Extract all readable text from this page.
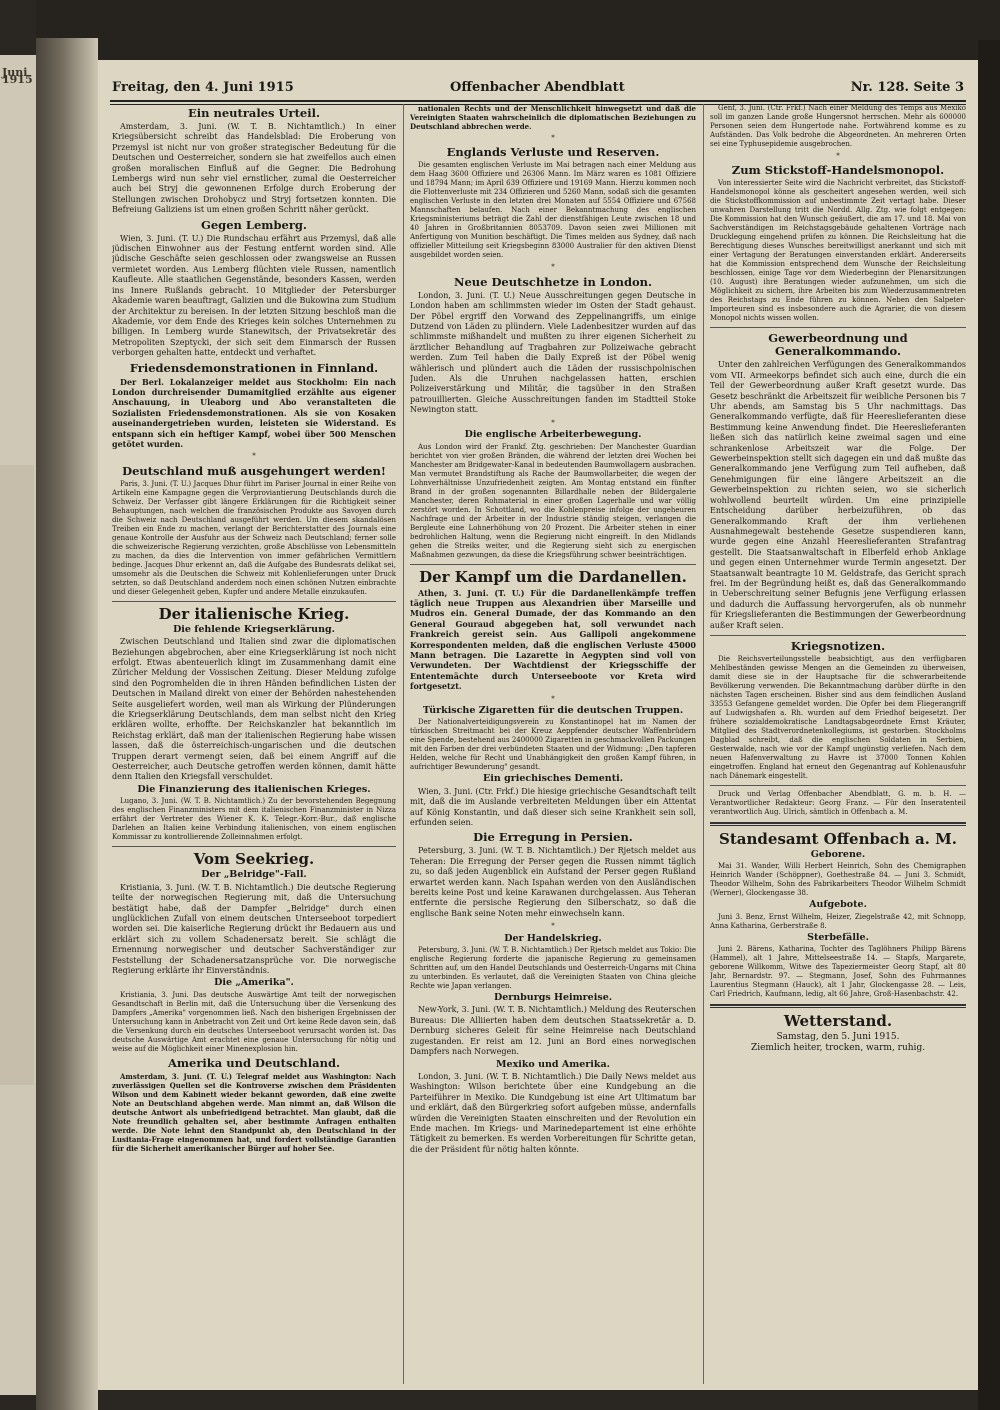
Juni 1915
Freitag, den 4. Juni 1915	Offenbacher Abendblatt	Nr. 128. Seite 3
Ein neutrales Urteil.
Amsterdam, 3. Juni. (W. T. B. Nichtamtlich.) In einer Kriegsübersicht schreibt das Handelsblad: Die Eroberung von Przemysl ist nicht nur von großer strategischer Bedeutung für die Deutschen und Oesterreicher, sondern sie hat zweifellos auch einen großen moralischen Einfluß auf die Gegner. Die Bedrohung Lembergs wird nun sehr viel ernstlicher, zumal die Oesterreicher auch bei Stryj die gewonnenen Erfolge durch Eroberung der Stellungen zwischen Drohobycz und Stryj fortsetzen konnten. Die Befreiung Galiziens ist um einen großen Schritt näher gerückt.
Gegen Lemberg.
Wien, 3. Juni. (T. U.) Die Rundschau erfährt aus Przemysl, daß alle jüdischen Einwohner aus der Festung entfernt worden sind. Alle jüdische Geschäfte seien geschlossen oder zwangsweise an Russen vermietet worden. Aus Lemberg flüchten viele Russen, namentlich Kaufleute. Alle staatlichen Gegenstände, besonders Kassen, werden ins Innere Rußlands gebracht. 10 Mitglieder der Petersburger Akademie waren beauftragt, Galizien und die Bukowina zum Studium der Architektur zu bereisen. In der letzten Sitzung beschloß man die Akademie, vor dem Ende des Krieges kein solches Unternehmen zu billigen. In Lemberg wurde Stanewitsch, der Privatsekretär des Metropoliten Szeptycki, der sich seit dem Einmarsch der Russen verborgen gehalten hatte, entdeckt und verhaftet.
Friedensdemonstrationen in Finnland.
Der Berl. Lokalanzeiger meldet aus Stockholm: Ein nach London durchreisender Dumamitglied erzählte aus eigener Anschauung, in Uleaborg und Abo veranstalteten die Sozialisten Friedensdemonstrationen. Als sie von Kosaken auseinandergetrieben wurden, leisteten sie Widerstand. Es entspann sich ein heftiger Kampf, wobei über 500 Menschen getötet wurden.
*
Deutschland muß ausgehungert werden!
Paris, 3. Juni. (T. U.) Jacques Dhur führt im Pariser Journal in einer Reihe von Artikeln eine Kampagne gegen die Verproviantierung Deutschlands durch die Schweiz. Der Verfasser gibt längere Erklärungen für die Richtigkeit seiner Behauptungen, nach welchen die französischen Produkte aus Savoyen durch die Schweiz nach Deutschland ausgeführt werden. Um diesem skandalösen Treiben ein Ende zu machen, verlangt der Berichterstatter des Journals eine genaue Kontrolle der Ausfuhr aus der Schweiz nach Deutschland; ferner solle die schweizerische Regierung verzichten, große Abschlüsse von Lebensmitteln zu machen, da dies die Intervention von immer gefährlichen Vermittlern bedinge. Jacques Dhur erkennt an, daß die Aufgabe des Bundesrats delikat sei, umsomehr als die Deutschen die Schweiz mit Kohlenlieferungen unter Druck setzten, so daß Deutschland anderdem noch einen schönen Nutzen einbrachte und dieser Gelegenheit geben, Kupfer und andere Metalle einzukaufen.
Der italienische Krieg.
Die fehlende Kriegserklärung.
Zwischen Deutschland und Italien sind zwar die diplomatischen Beziehungen abgebrochen, aber eine Kriegserklärung ist noch nicht erfolgt. Etwas abenteuerlich klingt im Zusammenhang damit eine Züricher Meldung der Vossischen Zeitung. Dieser Meldung zufolge sind den Pogromhelden die in ihren Händen befindlichen Listen der Deutschen in Mailand direkt von einer der Behörden nahestehenden Seite ausgeliefert worden, weil man als Wirkung der Plünderungen die Kriegserklärung Deutschlands, dem man selbst nicht den Krieg erklären wollte, erhoffte. Der Reichskanzler hat bekanntlich im Reichstag erklärt, daß man der italienischen Regierung habe wissen lassen, daß die österreichisch-ungarischen und die deutschen Truppen derart vermengt seien, daß bei einem Angriff auf die Oesterreicher, auch Deutsche getroffen werden können, damit hätte denn Italien den Kriegsfall verschuldet.
Die Finanzierung des italienischen Krieges.
Lugano, 3. Juni. (W. T. B. Nichtamtlich.) Zu der bevorstehenden Begegnung des englischen Finanzministers mit dem italienischen Finanzminister in Nizza erfährt der Vertreter des Wiener K. K. Telegr.-Korr.-Bur., daß englische Darlehen an Italien keine Verbindung italienischen, von einem englischen Kommissar zu kontrollierende Zolleinnahmen erfolgt.
Vom Seekrieg.
Der „Belridge"-Fall.
Kristiania, 3. Juni. (W. T. B. Nichtamtlich.) Die deutsche Regierung teilte der norwegischen Regierung mit, daß die Untersuchung bestätigt habe, daß der Dampfer „Belridge" durch einen unglücklichen Zufall von einem deutschen Unterseeboot torpediert worden sei. Die kaiserliche Regierung drückt ihr Bedauern aus und erklärt sich zu vollem Schadenersatz bereit. Sie schlägt die Ernennung norwegischer und deutscher Sachverständiger zur Feststellung der Schadenersatzansprüche vor. Die norwegische Regierung erklärte ihr Einverständnis.
Die „Amerika".
Kristiania, 3. Juni. Das deutsche Auswärtige Amt teilt der norwegischen Gesandtschaft in Berlin mit, daß die Untersuchung über die Versenkung des Dampfers „Amerika" vorgenommen ließ. Nach den bisherigen Ergebnissen der Untersuchung kann in Anbetracht von Zeit und Ort keine Rede davon sein, daß die Versenkung durch ein deutsches Unterseeboot verursacht worden ist. Das deutsche Auswärtige Amt erachtet eine genaue Untersuchung für nötig und weise auf die Möglichkeit einer Minenexplosion hin.
Amerika und Deutschland.
Amsterdam, 3. Juni. (T. U.) Telegraf meldet aus Washington: Nach zuverlässigen Quellen sei die Kontroverse zwischen dem Präsidenten Wilson und dem Kabinett wieder bekannt geworden, daß eine zweite Note an Deutschland abgehen werde. Man nimmt an, daß Wilson die deutsche Antwort als unbefriedigend betrachtet. Man glaubt, daß die Note freundlich gehalten sei, aber bestimmte Anfragen enthalten werde. Die Note lehnt den Standpunkt ab, den Deutschland in der Lusitania-Frage eingenommen hat, und fordert vollständige Garantien für die Sicherheit amerikanischer Bürger auf hoher See.
nationalen Rechts und der Menschlichkeit hinwegsetzt und daß die Vereinigten Staaten wahrscheinlich die diplomatischen Beziehungen zu Deutschland abbrechen werde.
*
Englands Verluste und Reserven.
Die gesamten englischen Verluste im Mai betragen nach einer Meldung aus dem Haag 3600 Offiziere und 26306 Mann. Im März waren es 1081 Offiziere und 18794 Mann; im April 639 Offiziere und 19169 Mann. Hierzu kommen noch die Flottenverluste mit 234 Offizieren und 5260 Mann, sodaß sich die gesamten englischen Verluste in den letzten drei Monaten auf 5554 Offiziere und 67568 Mannschaften belaufen. Nach einer Bekanntmachung des englischen Kriegsministeriums beträgt die Zahl der dienstfähigen Leute zwischen 18 und 40 Jahren in Großbritannien 8053709. Davon seien zwei Millionen mit Anfertigung von Munition beschäftigt. Die Times melden aus Sydney, daß nach offizieller Mitteilung seit Kriegsbeginn 83000 Australier für den aktiven Dienst ausgebildet worden seien.
*
Neue Deutschhetze in London.
London, 3. Juni. (T. U.) Neue Ausschreitungen gegen Deutsche in London haben am schlimmsten wieder im Osten der Stadt gehaust. Der Pöbel ergriff den Vorwand des Zeppelinangriffs, um einige Dutzend von Läden zu plündern. Viele Ladenbesitzer wurden auf das schlimmste mißhandelt und mußten zu ihrer eigenen Sicherheit zu ärztlicher Behandlung auf Tragbahren zur Polizeiwache gebracht werden. Zum Teil haben die Daily Expreß ist der Pöbel wenig wählerisch und plündert auch die Läden der russischpolnischen Juden. Als die Unruhen nachgelassen hatten, erschien Polizeiverstärkung und Militär, die tagsüber in den Straßen patrouillierten. Gleiche Ausschreitungen fanden im Stadtteil Stoke Newington statt.
*
Die englische Arbeiterbewegung.
Aus London wird der Frankf. Ztg. geschrieben: Der Manchester Guardian berichtet von vier großen Bränden, die während der letzten drei Wochen bei Manchester am Bridgewater-Kanal in bedeutenden Baumwollagern ausbrachen. Man vermutet Brandstiftung als Rache der Baumwollarbeiter, die wegen der Lohnverhältnisse Unzufriedenheit zeigten. Am Montag entstand ein fünfter Brand in der großen sogenannten Billardhalle neben der Bildergalerie Manchester, deren Rohmaterial in einer großen Lagerhalle und war völlig zerstört worden. In Schottland, wo die Kohlenpreise infolge der ungeheuren Nachfrage und der Arbeiter in der Industrie ständig steigen, verlangen die Bergleute eine Lohnerhöhung von 20 Prozent. Die Arbeiter stehen in einer bedrohlichen Haltung, wenn die Regierung nicht eingreift. In den Midlands gehen die Streiks weiter, und die Regierung sieht sich zu energischen Maßnahmen gezwungen, da diese die Kriegsführung schwer beeinträchtigen.
Der Kampf um die Dardanellen.
Athen, 3. Juni. (T. U.) Für die Dardanellenkämpfe treffen täglich neue Truppen aus Alexandrien über Marseille und Mudros ein. General Dumade, der das Kommando an den General Gouraud abgegeben hat, soll verwundet nach Frankreich gereist sein. Aus Gallipoli angekommene Korrespondenten melden, daß die englischen Verluste 45000 Mann betragen. Die Lazarette in Aegypten sind voll von Verwundeten. Der Wachtdienst der Kriegsschiffe der Ententemächte durch Unterseeboote vor Kreta wird fortgesetzt.
*
Türkische Zigaretten für die deutschen Truppen.
Der Nationalverteidigungsverein zu Konstantinopel hat im Namen der türkischen Streitmacht bei der Kreuz Aeppfender deutscher Waffenbrüdern eine Spende, bestehend aus 2400000 Zigaretten in geschmackvollen Packungen mit den Farben der drei verbündeten Staaten und der Widmung: „Den tapferen Helden, welche für Recht und Unabhängigkeit den großen Kampf führen, in aufrichtiger Bewunderung" gesandt.
Ein griechisches Dementi.
Wien, 3. Juni. (Ctr. Frkf.) Die hiesige griechische Gesandtschaft teilt mit, daß die im Auslande verbreiteten Meldungen über ein Attentat auf König Konstantin, und daß dieser sich seine Krankheit sein soll, erfunden seien.
Die Erregung in Persien.
Petersburg, 3. Juni. (W. T. B. Nichtamtlich.) Der Rjetsch meldet aus Teheran: Die Erregung der Perser gegen die Russen nimmt täglich zu, so daß jeden Augenblick ein Aufstand der Perser gegen Rußland erwartet werden kann. Nach Ispahan werden von den Ausländischen bereits keine Post und keine Karawanen durchgelassen. Aus Teheran entfernte die persische Regierung den Silberschatz, so daß die englische Bank seine Noten mehr einwechseln kann.
*
Der Handelskrieg.
Petersburg, 3. Juni. (W. T. B. Nichtamtlich.) Der Rjetsch meldet aus Tokio: Die englische Regierung forderte die japanische Regierung zu gemeinsamen Schritten auf, um den Handel Deutschlands und Oesterreich-Ungarns mit China zu unterbinden. Es verlautet, daß die Vereinigten Staaten von China gleiche Rechte wie Japan verlangen.
Dernburgs Heimreise.
New-York, 3. Juni. (W. T. B. Nichtamtlich.) Meldung des Reuterschen Bureaus: Die Alliierten haben dem deutschen Staatssekretär a. D. Dernburg sicheres Geleit für seine Heimreise nach Deutschland zugestanden. Er reist am 12. Juni an Bord eines norwegischen Dampfers nach Norwegen.
Mexiko und Amerika.
London, 3. Juni. (W. T. B. Nichtamtlich.) Die Daily News meldet aus Washington: Wilson berichtete über eine Kundgebung an die Parteiführer in Mexiko. Die Kundgebung ist eine Art Ultimatum bar und erklärt, daß den Bürgerkrieg sofort aufgeben müsse, andernfalls würden die Vereinigten Staaten einschreiten und der Revolution ein Ende machen. Im Kriegs- und Marinedepartement ist eine erhöhte Tätigkeit zu bemerken. Es werden Vorbereitungen für Schritte getan, die der Präsident für nötig halten könnte.
Genf, 3. Juni. (Ctr. Frkf.) Nach einer Meldung des Temps aus Mexiko soll im ganzen Lande große Hungersnot herrschen. Mehr als 600000 Personen seien dem Hungertode nahe. Fortwährend komme es zu Aufständen. Das Volk bedrohe die Abgeordneten. An mehreren Orten sei eine Typhusepidemie ausgebrochen.
*
Zum Stickstoff-Handelsmonopol.
Von interessierter Seite wird die Nachricht verbreitet, das Stickstoff-Handelsmonopol könne als gescheitert angesehen werden, weil sich die Stickstoffkommission auf unbestimmte Zeit vertagt habe. Dieser unwahren Darstellung tritt die Nordd. Allg. Ztg. wie folgt entgegen: Die Kommission hat den Wunsch geäußert, die am 17. und 18. Mai von Sachverständigen im Reichstagsgebäude gehaltenen Vorträge nach Drucklegung eingehend prüfen zu können. Die Reichsleitung hat die Berechtigung dieses Wunsches bereitwilligst anerkannt und sich mit einer Vertagung der Beratungen einverstanden erklärt. Andererseits hat die Kommission entsprechend dem Wunsche der Reichsleitung beschlossen, einige Tage vor dem Wiederbeginn der Plenarsitzungen (10. August) ihre Beratungen wieder aufzunehmen, um sich die Möglichkeit zu sichern, ihre Arbeiten bis zum Wiederzusammentreten des Reichstags zu Ende führen zu können. Neben den Salpeter-Importeuren sind es insbesondere auch die Agrarier, die von diesem Monopol nichts wissen wollen.
Gewerbeordnung und Generalkommando.
Unter den zahlreichen Verfügungen des Generalkommandos vom VII. Armeekorps befindet sich auch eine, durch die ein Teil der Gewerbeordnung außer Kraft gesetzt wurde. Das Gesetz beschränkt die Arbeitszeit für weibliche Personen bis 7 Uhr abends, am Samstag bis 5 Uhr nachmittags. Das Generalkommando verfügte, daß für Heereslieferanten diese Bestimmung keine Anwendung findet. Die Heereslieferanten ließen sich das natürlich keine zweimal sagen und eine schrankenlose Arbeitszeit war die Folge. Der Gewerbeinspektion stellt sich dagegen ein und daß mußte das Generalkommando jene Verfügung zum Teil aufheben, daß Genehmigungen für eine längere Arbeitszeit an die Gewerbeinspektion zu richten seien, wo sie sicherlich wohlwollend beurteilt würden. Um eine prinzipielle Entscheidung darüber herbeizuführen, ob das Generalkommando Kraft der ihm verliehenen Ausnahmegewalt bestehende Gesetze suspendieren kann, wurde gegen eine Anzahl Heereslieferanten Strafantrag gestellt. Die Staatsanwaltschaft in Elberfeld erhob Anklage und gegen einen Unternehmer wurde Termin angesetzt. Der Staatsanwalt beantragte 10 M. Geldstrafe, das Gericht sprach frei. Im der Begründung heißt es, daß das Generalkommando in Ueberschreitung seiner Befugnis jene Verfügung erlassen und dadurch die Auffassung hervorgerufen, als ob nunmehr für Kriegslieferanten die Bestimmungen der Gewerbeordnung außer Kraft seien.
Kriegsnotizen.
Die Reichsverteilungsstelle beabsichtigt, aus den verfügbaren Mehlbeständen gewisse Mengen an die Gemeinden zu überweisen, damit diese sie in der Hauptsache für die schwerarbeitende Bevölkerung verwenden. Die Bekanntmachung darüber dürfte in den nächsten Tagen erscheinen. Bisher sind aus dem feindlichen Ausland 33553 Gefangene gemeldet worden. Die Opfer bei dem Fliegerangriff auf Ludwigshafen a. Rh. wurden auf dem Friedhof beigesetzt. Der frühere sozialdemokratische Landtagsabgeordnete Ernst Kräuter, Mitglied des Stadtverordnetenkollegiums, ist gestorben. Stockholms Dagblad schreibt, daß die englischen Soldaten in Serbien, Gesterwalde, nach wie vor der Kampf ungünstig verliefen. Nach dem neuen Hafenverwaltung zu Havre ist 37000 Tonnen Kohlen eingetroffen. England hat erneut den Gegenantrag auf Kohlenausfuhr nach Dänemark eingestellt.
Druck und Verlag Offenbacher Abendblatt, G. m. b. H. — Verantwortlicher Redakteur: Georg Franz. — Für den Inseratenteil verantwortlich Aug. Ulrich, sämtlich in Offenbach a. M.
Standesamt Offenbach a. M.
Geborene.
Mai 31. Wander, Willi Herbert Heinrich, Sohn des Chemigraphen Heinrich Wander (Schöppner), Goethestraße 84. — Juni 3. Schmidt, Theodor Wilhelm, Sohn des Fabrikarbeiters Theodor Wilhelm Schmidt (Werner), Glockengasse 38.
Aufgebote.
Juni 3. Benz, Ernst Wilhelm, Heizer, Ziegelstraße 42, mit Schnopp, Anna Katharina, Gerberstraße 8.
Sterbefälle.
Juni 2. Bärens, Katharina, Tochter des Taglöhners Philipp Bärens (Hammel), alt 1 Jahre, Mittelseestraße 14. — Stapfs, Margarete, geborene Willkomm, Witwe des Tapeziermeister Georg Stapf, alt 80 Jahr, Bernardstr. 97. — Stegmann, Josef, Sohn des Fuhrmannes Laurentius Stegmann (Hauck), alt 1 Jahr, Glockengasse 28. — Leis, Carl Friedrich, Kaufmann, ledig, alt 66 Jahre, Groß-Hasenbachstr. 42.
Wetterstand.
Samstag, den 5. Juni 1915.
Ziemlich heiter, trocken, warm, ruhig.
